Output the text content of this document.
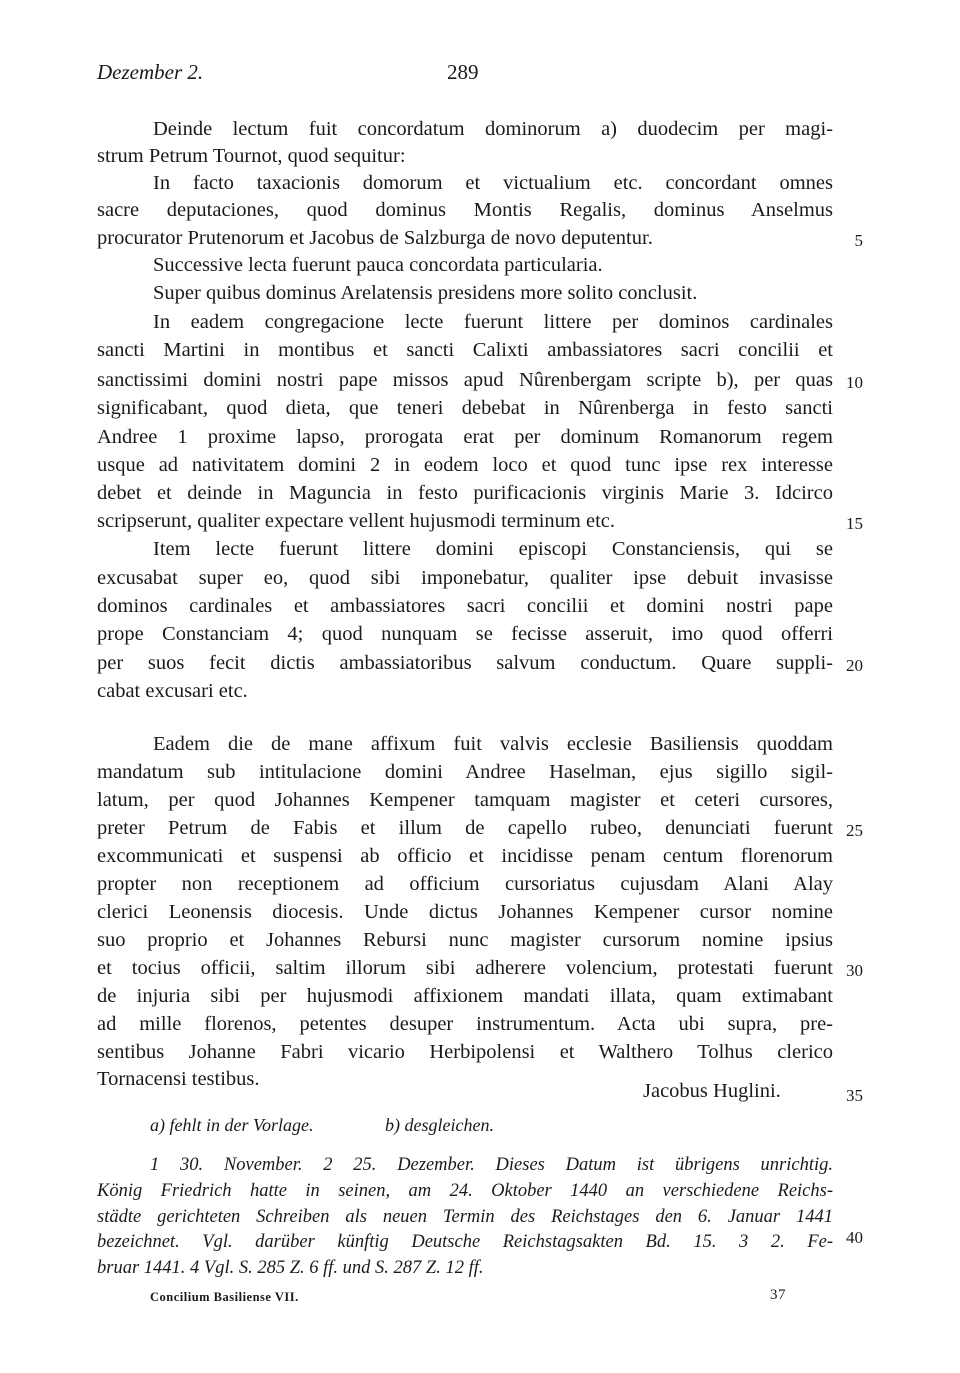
Dezember 2.	289
Deinde lectum fuit concordatum dominorum a) duodecim per magi-
strum Petrum Tournot, quod sequitur:
In facto taxacionis domorum et victualium etc. concordant omnes
sacre deputaciones, quod dominus Montis Regalis, dominus Anselmus
procurator Prutenorum et Jacobus de Salzburga de novo deputentur.
Successive lecta fuerunt pauca concordata particularia.
Super quibus dominus Arelatensis presidens more solito conclusit.
In eadem congregacione lecte fuerunt littere per dominos cardinales
sancti Martini in montibus et sancti Calixti ambassiatores sacri concilii et
sanctissimi domini nostri pape missos apud Nûrenbergam scripte b), per quas
significabant, quod dieta, que teneri debebat in Nûrenberga in festo sancti
Andree 1 proxime lapso, prorogata erat per dominum Romanorum regem
usque ad nativitatem domini 2 in eodem loco et quod tunc ipse rex interesse
debet et deinde in Maguncia in festo purificacionis virginis Marie 3. Idcirco
scripserunt, qualiter expectare vellent hujusmodi terminum etc.
Item lecte fuerunt littere domini episcopi Constanciensis, qui se
excusabat super eo, quod sibi imponebatur, qualiter ipse debuit invasisse
dominos cardinales et ambassiatores sacri concilii et domini nostri pape
prope Constanciam 4; quod nunquam se fecisse asseruit, imo quod offerri
per suos fecit dictis ambassiatoribus salvum conductum. Quare suppli-
cabat excusari etc.
Eadem die de mane affixum fuit valvis ecclesie Basiliensis quoddam
mandatum sub intitulacione domini Andree Haselman, ejus sigillo sigil-
latum, per quod Johannes Kempener tamquam magister et ceteri cursores,
preter Petrum de Fabis et illum de capello rubeo, denunciati fuerunt
excommunicati et suspensi ab officio et incidisse penam centum florenorum
propter non receptionem ad officium cursoriatus cujusdam Alani Alay
clerici Leonensis diocesis. Unde dictus Johannes Kempener cursor nomine
suo proprio et Johannes Rebursi nunc magister cursorum nomine ipsius
et tocius officii, saltim illorum sibi adherere volencium, protestati fuerunt
de injuria sibi per hujusmodi affixionem mandati illata, quam extimabant
ad mille florenos, petentes desuper instrumentum. Acta ubi supra, pre-
sentibus Johanne Fabri vicario Herbipolensi et Walthero Tolhus clerico
Tornacensi testibus.
Jacobus Huglini.
5
10
15
20
25
30
35
40
a) fehlt in der Vorlage.	b) desgleichen.
1 30. November. 2 25. Dezember. Dieses Datum ist übrigens unrichtig.
König Friedrich hatte in seinen, am 24. Oktober 1440 an verschiedene Reichs-
städte gerichteten Schreiben als neuen Termin des Reichstages den 6. Januar 1441
bezeichnet. Vgl. darüber künftig Deutsche Reichstagsakten Bd. 15. 3 2. Fe-
bruar 1441. 4 Vgl. S. 285 Z. 6 ff. und S. 287 Z. 12 ff.
Concilium Basiliense VII.	37
